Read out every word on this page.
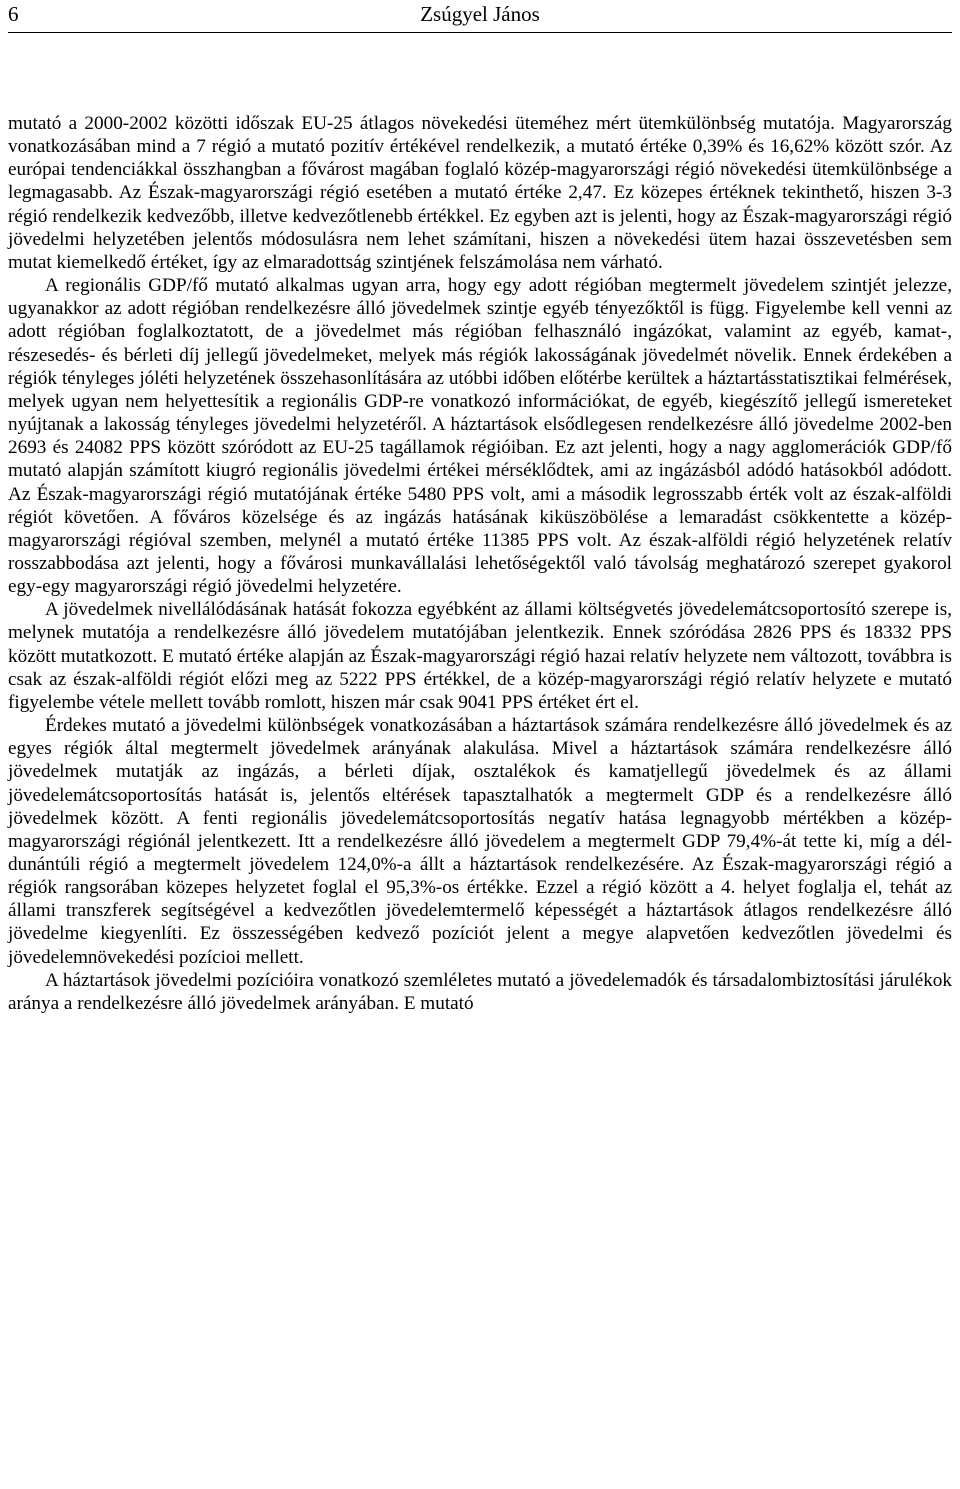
6	Zsúgyel János

mutató a 2000-2002 közötti időszak EU-25 átlagos növekedési üteméhez mért ütemkülönbség mutatója. Magyarország vonatkozásában mind a 7 régió a mutató pozitív értékével rendelkezik, a mutató értéke 0,39% és 16,62% között szór. Az európai tendenciákkal összhangban a fővárost magában foglaló közép-magyarországi régió növekedési ütemkülönbsége a legmagasabb. Az Észak-magyarországi régió esetében a mutató értéke 2,47. Ez közepes értéknek tekinthető, hiszen 3-3 régió rendelkezik kedvezőbb, illetve kedvezőtlenebb értékkel. Ez egyben azt is jelenti, hogy az Észak-magyarországi régió jövedelmi helyzetében jelentős módosulásra nem lehet számítani, hiszen a növekedési ütem hazai összevetésben sem mutat kiemelkedő értéket, így az elmaradottság szintjének felszámolása nem várható.

A regionális GDP/fő mutató alkalmas ugyan arra, hogy egy adott régióban megtermelt jövedelem szintjét jelezze, ugyanakkor az adott régióban rendelkezésre álló jövedelmek szintje egyéb tényezőktől is függ. Figyelembe kell venni az adott régióban foglalkoztatott, de a jövedelmet más régióban felhasználó ingázókat, valamint az egyéb, kamat-, részesedés- és bérleti díj jellegű jövedelmeket, melyek más régiók lakosságának jövedelmét növelik. Ennek érdekében a régiók tényleges jóléti helyzetének összehasonlítására az utóbbi időben előtérbe kerültek a háztartásstatisztikai felmérések, melyek ugyan nem helyettesítik a regionális GDP-re vonatkozó információkat, de egyéb, kiegészítő jellegű ismereteket nyújtanak a lakosság tényleges jövedelmi helyzetéről. A háztartások elsődlegesen rendelkezésre álló jövedelme 2002-ben 2693 és 24082 PPS között szóródott az EU-25 tagállamok régióiban. Ez azt jelenti, hogy a nagy agglomerációk GDP/fő mutató alapján számított kiugró regionális jövedelmi értékei mérséklődtek, ami az ingázásból adódó hatásokból adódott. Az Észak-magyarországi régió mutatójának értéke 5480 PPS volt, ami a második legrosszabb érték volt az észak-alföldi régiót követően. A főváros közelsége és az ingázás hatásának kiküszöbölése a lemaradást csökkentette a közép-magyarországi régióval szemben, melynél a mutató értéke 11385 PPS volt. Az észak-alföldi régió helyzetének relatív rosszabbodása azt jelenti, hogy a fővárosi munkavállalási lehetőségektől való távolság meghatározó szerepet gyakorol egy-egy magyarországi régió jövedelmi helyzetére.

A jövedelmek nivellálódásának hatását fokozza egyébként az állami költségvetés jövedelemátcsoportosító szerepe is, melynek mutatója a rendelkezésre álló jövedelem mutatójában jelentkezik. Ennek szóródása 2826 PPS és 18332 PPS között mutatkozott. E mutató értéke alapján az Észak-magyarországi régió hazai relatív helyzete nem változott, továbbra is csak az észak-alföldi régiót előzi meg az 5222 PPS értékkel, de a közép-magyarországi régió relatív helyzete e mutató figyelembe vétele mellett tovább romlott, hiszen már csak 9041 PPS értéket ért el.

Érdekes mutató a jövedelmi különbségek vonatkozásában a háztartások számára rendelkezésre álló jövedelmek és az egyes régiók által megtermelt jövedelmek arányának alakulása. Mivel a háztartások számára rendelkezésre álló jövedelmek mutatják az ingázás, a bérleti díjak, osztalékok és kamatjellegű jövedelmek és az állami jövedelemátcsoportosítás hatását is, jelentős eltérések tapasztalhatók a megtermelt GDP és a rendelkezésre álló jövedelmek között. A fenti regionális jövedelemátcsoportosítás negatív hatása legnagyobb mértékben a közép-magyarországi régiónál jelentkezett. Itt a rendelkezésre álló jövedelem a megtermelt GDP 79,4%-át tette ki, míg a dél-dunántúli régió a megtermelt jövedelem 124,0%-a állt a háztartások rendelkezésére. Az Észak-magyarországi régió a régiók rangsorában közepes helyzetet foglal el 95,3%-os értékke. Ezzel a régió között a 4. helyet foglalja el, tehát az állami transzferek segítségével a kedvezőtlen jövedelemtermelő képességét a háztartások átlagos rendelkezésre álló jövedelme kiegyenlíti. Ez összességében kedvező pozíciót jelent a megye alapvetően kedvezőtlen jövedelmi és jövedelemnövekedési pozícioi mellett.

A háztartások jövedelmi pozícióira vonatkozó szemléletes mutató a jövedelemadók és társadalombiztosítási járulékok aránya a rendelkezésre álló jövedelmek arányában. E mutató
